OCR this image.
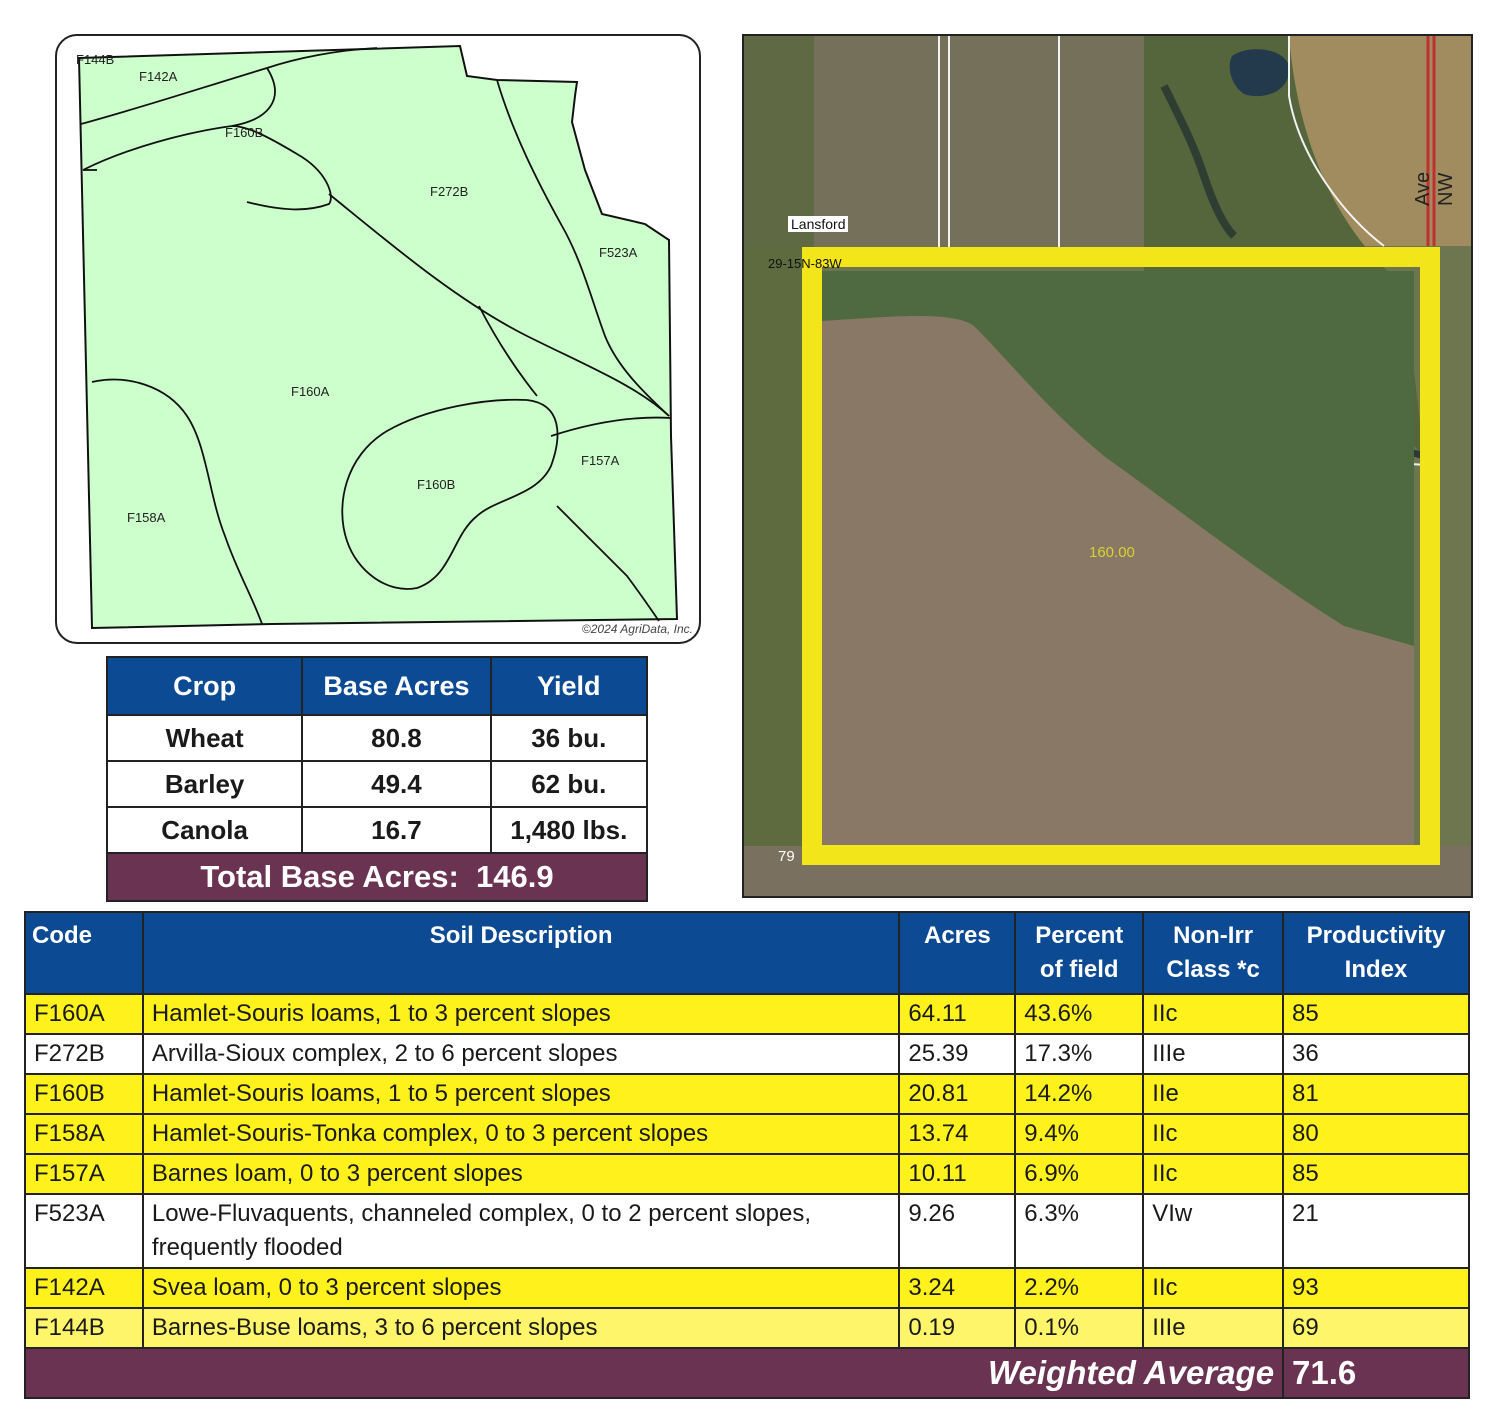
F144B
F142A
F160B
F272B
F523A
F160A
F157A
F160B
F158A
©2024 AgriData, Inc.
Lansford
29-15N-83W
Ave NW
79
160.00
Crop	Base Acres	Yield
Wheat	80.8	36 bu.
Barley	49.4	62 bu.
Canola	16.7	1,480 lbs.
Total Base Acres:  146.9		
Code	Soil Description	Acres	Percent of field	Non-Irr Class *c	Productivity Index
F160A	Hamlet-Souris loams, 1 to 3 percent slopes	64.11	43.6%	IIc	85
F272B	Arvilla-Sioux complex, 2 to 6 percent slopes	25.39	17.3%	IIIe	36
F160B	Hamlet-Souris loams, 1 to 5 percent slopes	20.81	14.2%	IIe	81
F158A	Hamlet-Souris-Tonka complex, 0 to 3 percent slopes	13.74	9.4%	IIc	80
F157A	Barnes loam, 0 to 3 percent slopes	10.11	6.9%	IIc	85
F523A	Lowe-Fluvaquents, channeled complex, 0 to 2 percent slopes, frequently flooded	9.26	6.3%	VIw	21
F142A	Svea loam, 0 to 3 percent slopes	3.24	2.2%	IIc	93
F144B	Barnes-Buse loams, 3 to 6 percent slopes	0.19	0.1%	IIIe	69
Weighted Average					71.6
